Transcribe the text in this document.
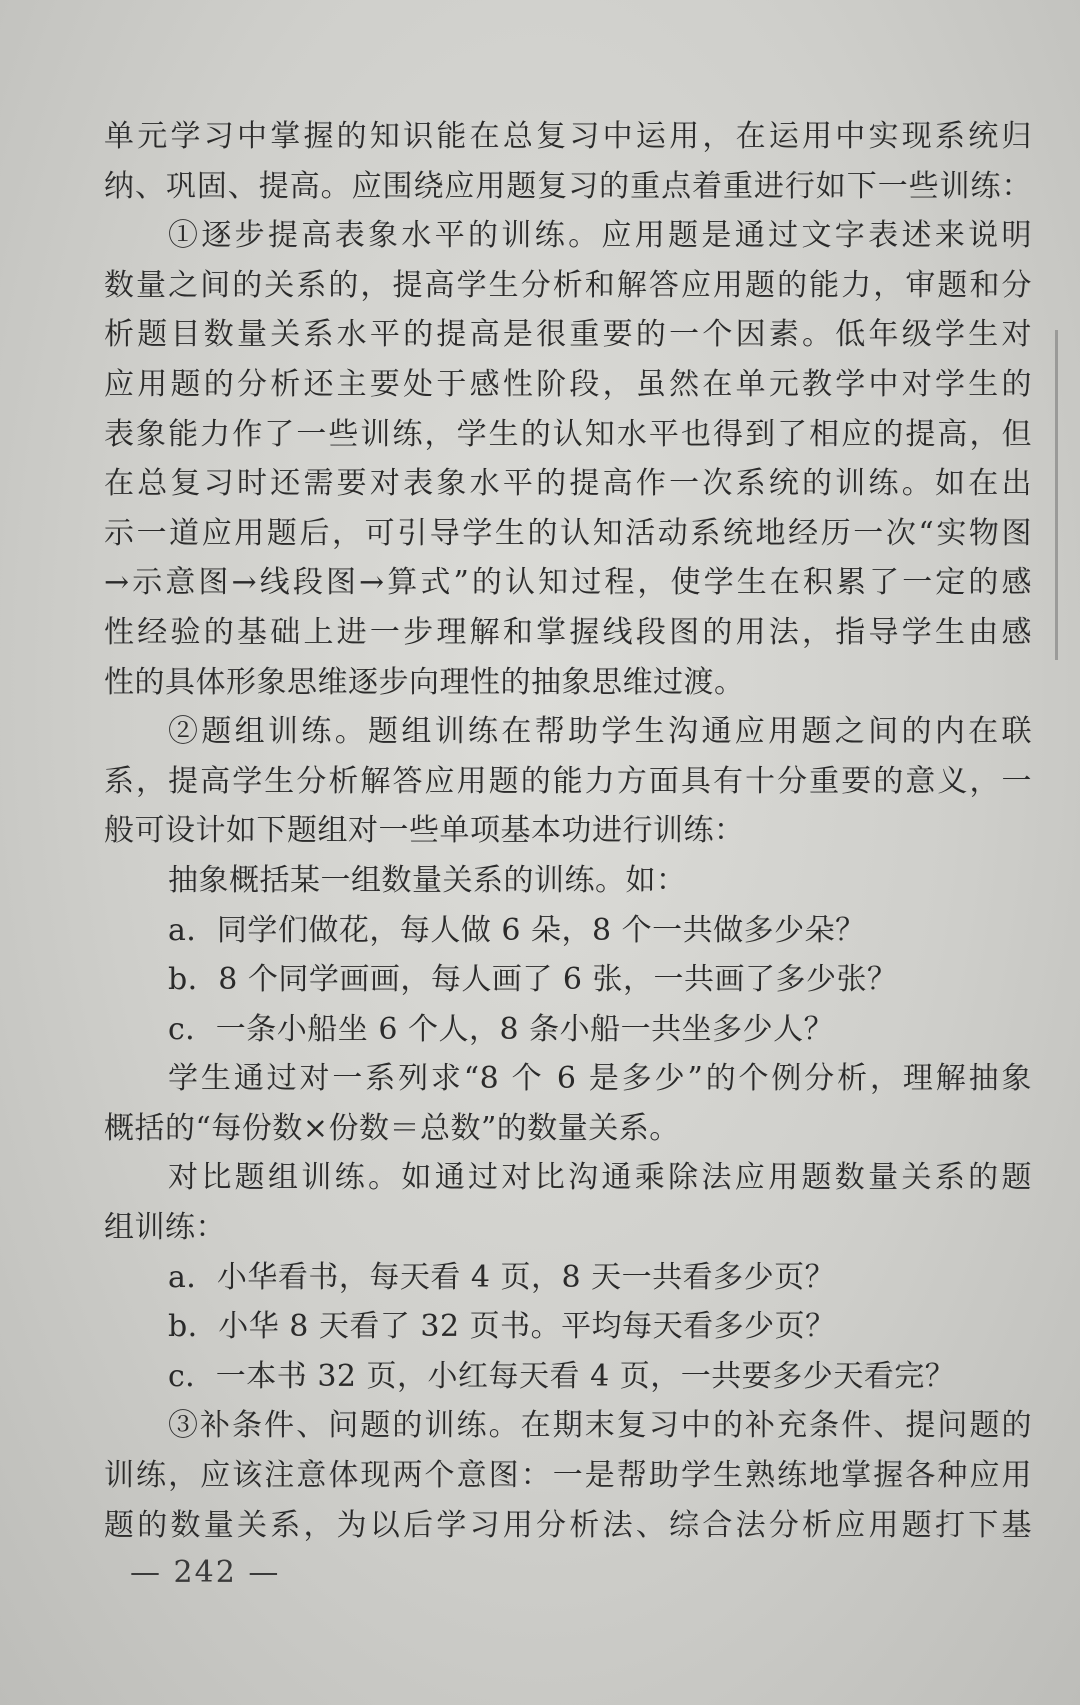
单元学习中掌握的知识能在总复习中运用，在运用中实现系统归
纳、巩固、提高。应围绕应用题复习的重点着重进行如下一些训练：
①逐步提高表象水平的训练。应用题是通过文字表述来说明
数量之间的关系的，提高学生分析和解答应用题的能力，审题和分
析题目数量关系水平的提高是很重要的一个因素。低年级学生对
应用题的分析还主要处于感性阶段，虽然在单元教学中对学生的
表象能力作了一些训练，学生的认知水平也得到了相应的提高，但
在总复习时还需要对表象水平的提高作一次系统的训练。如在出
示一道应用题后，可引导学生的认知活动系统地经历一次“实物图
→示意图→线段图→算式”的认知过程，使学生在积累了一定的感
性经验的基础上进一步理解和掌握线段图的用法，指导学生由感
性的具体形象思维逐步向理性的抽象思维过渡。
②题组训练。题组训练在帮助学生沟通应用题之间的内在联
系，提高学生分析解答应用题的能力方面具有十分重要的意义，一
般可设计如下题组对一些单项基本功进行训练：
抽象概括某一组数量关系的训练。如：
a．同学们做花，每人做 6 朵，8 个一共做多少朵？
b．8 个同学画画，每人画了 6 张，一共画了多少张？
c．一条小船坐 6 个人，8 条小船一共坐多少人？
学生通过对一系列求“8 个 6 是多少”的个例分析，理解抽象
概括的“每份数×份数＝总数”的数量关系。
对比题组训练。如通过对比沟通乘除法应用题数量关系的题
组训练：
a．小华看书，每天看 4 页，8 天一共看多少页？
b．小华 8 天看了 32 页书。平均每天看多少页？
c．一本书 32 页，小红每天看 4 页，一共要多少天看完？
③补条件、问题的训练。在期末复习中的补充条件、提问题的
训练，应该注意体现两个意图：一是帮助学生熟练地掌握各种应用
题的数量关系，为以后学习用分析法、综合法分析应用题打下基
— 242 —
